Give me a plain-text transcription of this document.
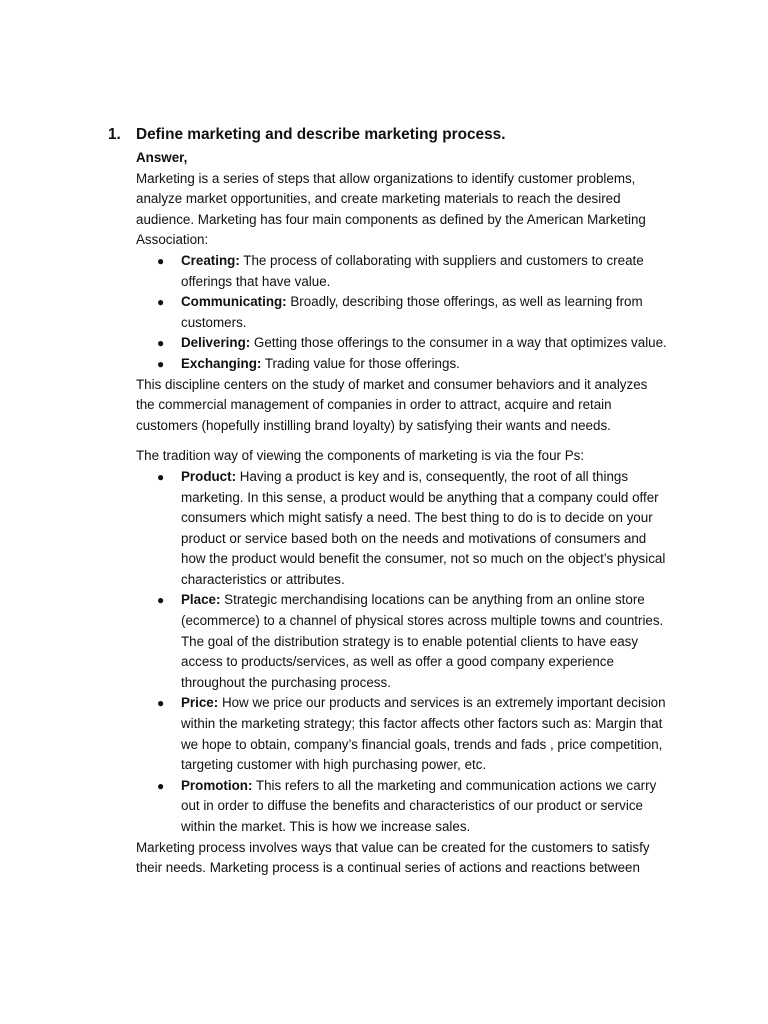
1. Define marketing and describe marketing process.

Answer,

Marketing is a series of steps that allow organizations to identify customer problems, analyze market opportunities, and create marketing materials to reach the desired audience. Marketing has four main components as defined by the American Marketing Association:

● Creating: The process of collaborating with suppliers and customers to create offerings that have value.
● Communicating: Broadly, describing those offerings, as well as learning from customers.
● Delivering: Getting those offerings to the consumer in a way that optimizes value.
● Exchanging: Trading value for those offerings.

This discipline centers on the study of market and consumer behaviors and it analyzes the commercial management of companies in order to attract, acquire and retain customers (hopefully instilling brand loyalty) by satisfying their wants and needs.

The tradition way of viewing the components of marketing is via the four Ps:

● Product: Having a product is key and is, consequently, the root of all things marketing. In this sense, a product would be anything that a company could offer consumers which might satisfy a need. The best thing to do is to decide on your product or service based both on the needs and motivations of consumers and how the product would benefit the consumer, not so much on the object’s physical characteristics or attributes.
● Place: Strategic merchandising locations can be anything from an online store (ecommerce) to a channel of physical stores across multiple towns and countries. The goal of the distribution strategy is to enable potential clients to have easy access to products/services, as well as offer a good company experience throughout the purchasing process.
● Price: How we price our products and services is an extremely important decision within the marketing strategy; this factor affects other factors such as: Margin that we hope to obtain, company’s financial goals, trends and fads , price competition, targeting customer with high purchasing power, etc.
● Promotion: This refers to all the marketing and communication actions we carry out in order to diffuse the benefits and characteristics of our product or service within the market. This is how we increase sales.

Marketing process involves ways that value can be created for the customers to satisfy their needs. Marketing process is a continual series of actions and reactions between
